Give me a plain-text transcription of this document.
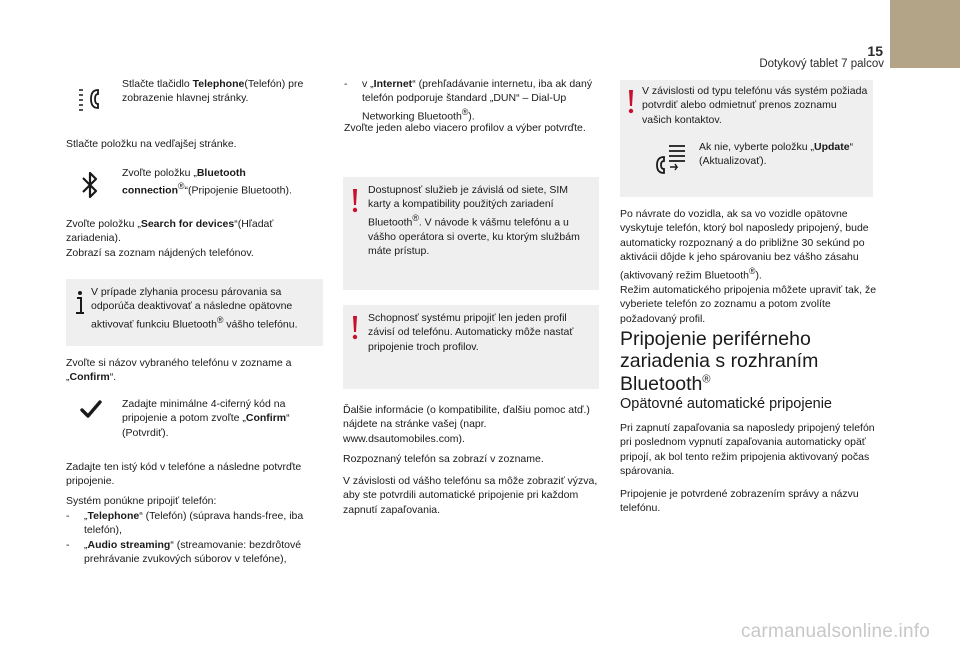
15
Dotykový tablet 7 palcov

Stlačte tlačidlo Telephone(Telefón) pre zobrazenie hlavnej stránky.

Stlačte položku na vedľajšej stránke.

Zvoľte položku „Bluetooth connection®“(Pripojenie Bluetooth).

Zvoľte položku „Search for devices“(Hľadať zariadenia).

Zobrazí sa zoznam nájdených telefónov.

V prípade zlyhania procesu párovania sa odporúča deaktivovať a následne opätovne aktivovať funkciu Bluetooth® vášho telefónu.

Zvoľte si názov vybraného telefónu v zozname a „Confirm“.

Zadajte minimálne 4-ciferný kód na pripojenie a potom zvoľte „Confirm“ (Potvrdiť).

Zadajte ten istý kód v telefóne a následne potvrďte pripojenie.

Systém ponúkne pripojiť telefón:

-	„Telephone“ (Telefón) (súprava hands-free, iba telefón),
-	„Audio streaming“ (streamovanie: bezdrôtové prehrávanie zvukových súborov v telefóne),
-	v „Internet“ (prehľadávanie internetu, iba ak daný telefón podporuje štandard „DUN“ – Dial-Up Networking Bluetooth®).

Zvoľte jeden alebo viacero profilov a výber potvrďte.

Dostupnosť služieb je závislá od siete, SIM karty a kompatibility použitých zariadení Bluetooth®. V návode k vášmu telefónu a u vášho operátora si overte, ku ktorým službám máte prístup.

Schopnosť systému pripojiť len jeden profil závisí od telefónu. Automaticky môže nastať pripojenie troch profilov.

Ďalšie informácie (o kompatibilite, ďalšiu pomoc atď.) nájdete na stránke vašej (napr. www.dsautomobiles.com).

Rozpoznaný telefón sa zobrazí v zozname.

V závislosti od vášho telefónu sa môže zobraziť výzva, aby ste potvrdili automatické pripojenie pri každom zapnutí zapaľovania.

V závislosti od typu telefónu vás systém požiada potvrdiť alebo odmietnuť prenos zoznamu vašich kontaktov.

Ak nie, vyberte položku „Update“ (Aktualizovať).

Po návrate do vozidla, ak sa vo vozidle opätovne vyskytuje telefón, ktorý bol naposledy pripojený, bude automaticky rozpoznaný a do približne 30 sekúnd po aktivácii dôjde k jeho spárovaniu bez vášho zásahu (aktivovaný režim Bluetooth®).
Režim automatického pripojenia môžete upraviť tak, že vyberiete telefón zo zoznamu a potom zvolíte požadovaný profil.

Pripojenie periférneho zariadenia s rozhraním Bluetooth®

Opätovné automatické pripojenie

Pri zapnutí zapaľovania sa naposledy pripojený telefón pri poslednom vypnutí zapaľovania automaticky opäť pripojí, ak bol tento režim pripojenia aktivovaný počas spárovania.

Pripojenie je potvrdené zobrazením správy a názvu telefónu.

carmanualsonline.info
